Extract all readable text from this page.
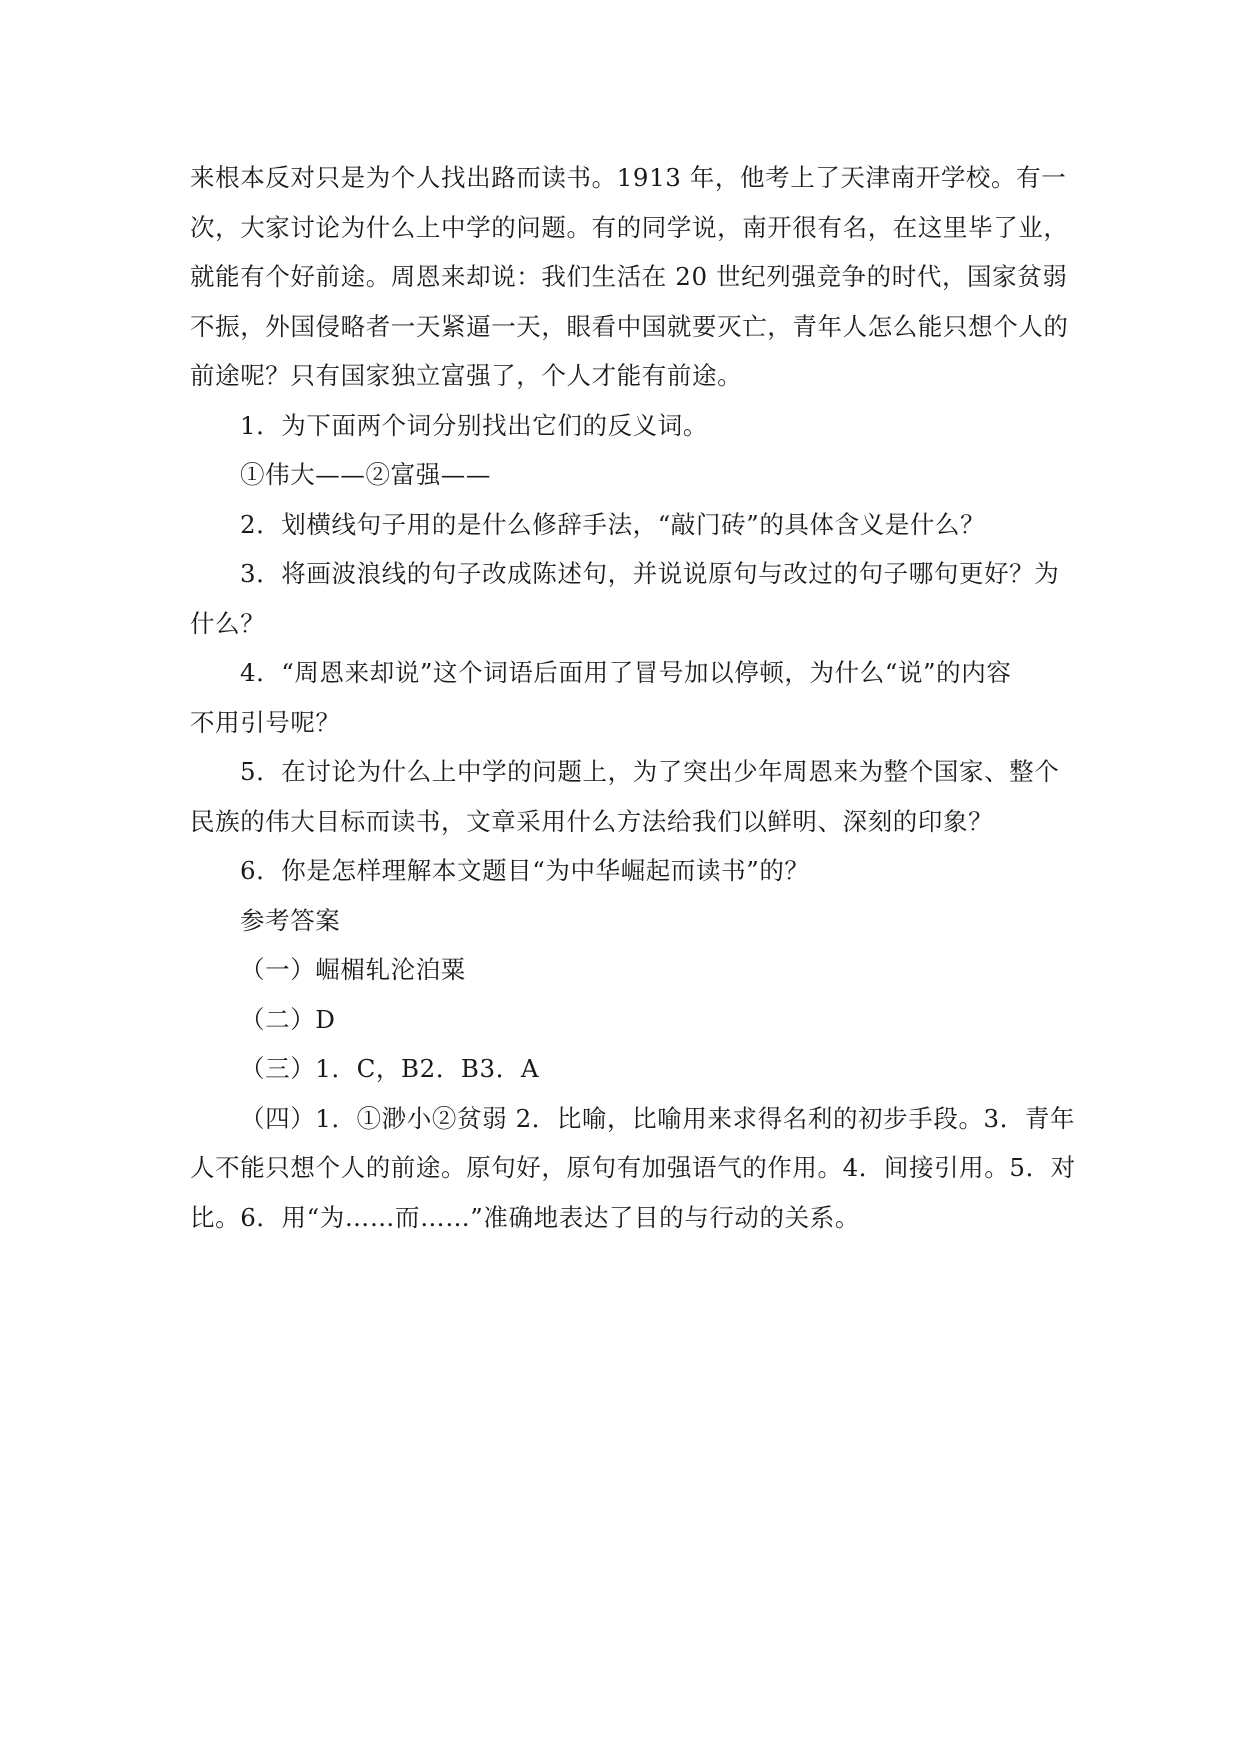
来根本反对只是为个人找出路而读书。1913 年，他考上了天津南开学校。有一
次，大家讨论为什么上中学的问题。有的同学说，南开很有名，在这里毕了业，
就能有个好前途。周恩来却说：我们生活在 20 世纪列强竞争的时代，国家贫弱
不振，外国侵略者一天紧逼一天，眼看中国就要灭亡，青年人怎么能只想个人的
前途呢？只有国家独立富强了，个人才能有前途。

1．为下面两个词分别找出它们的反义词。

①伟大——②富强——

2．划横线句子用的是什么修辞手法，“敲门砖”的具体含义是什么？

3．将画波浪线的句子改成陈述句，并说说原句与改过的句子哪句更好？为
什么？

4．“周恩来却说”这个词语后面用了冒号加以停顿，为什么“说”的内容
不用引号呢？

5．在讨论为什么上中学的问题上，为了突出少年周恩来为整个国家、整个
民族的伟大目标而读书，文章采用什么方法给我们以鲜明、深刻的印象？

6．你是怎样理解本文题目“为中华崛起而读书”的？

参考答案

（一）崛楣轧沦泊粟

（二）D

（三）1．C，B2．B3．A

（四）1．①渺小②贫弱 2．比喻，比喻用来求得名利的初步手段。3．青年
人不能只想个人的前途。原句好，原句有加强语气的作用。4．间接引用。5．对
比。6．用“为……而……”准确地表达了目的与行动的关系。
